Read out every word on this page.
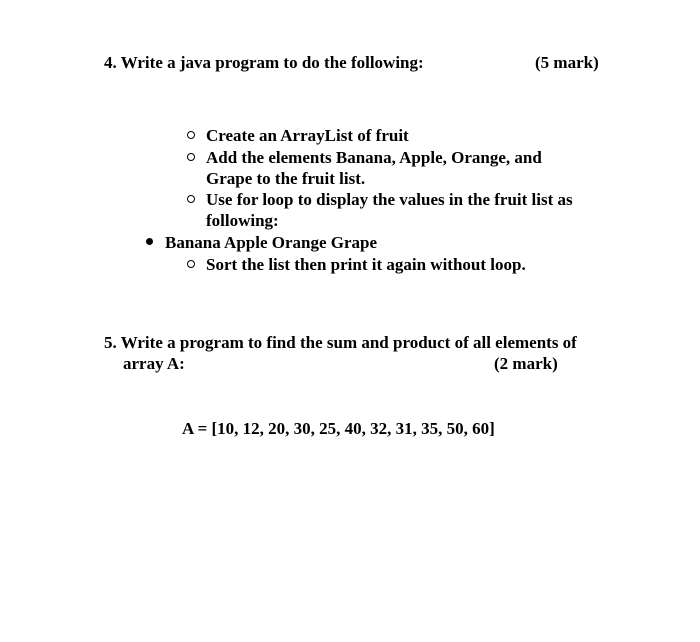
4. Write a java program to do the following:	(5 mark)
Create an ArrayList of fruit
Add the elements Banana, Apple, Orange, and
Grape to the fruit list.
Use for loop to display the values in the fruit list as
following:
Banana Apple Orange Grape
Sort the list then print it again without loop.
5. Write a program to find the sum and product of all elements of
array A:	(2 mark)
A = [10, 12, 20, 30, 25, 40, 32, 31, 35, 50, 60]
